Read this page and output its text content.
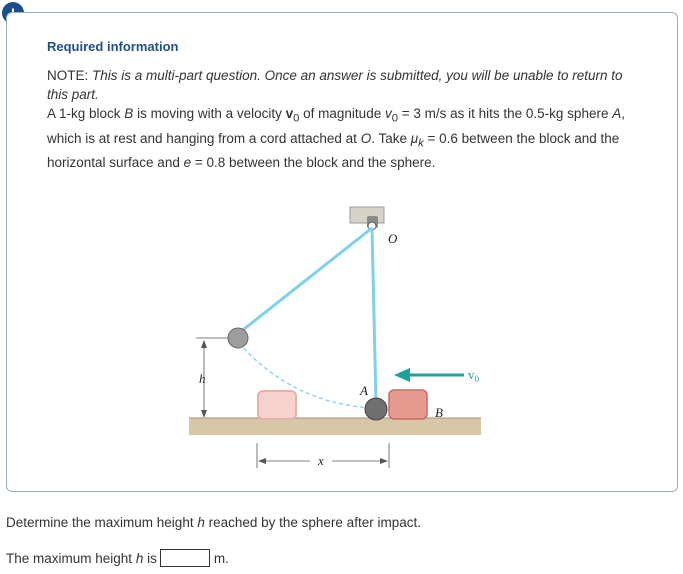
Required information

NOTE: This is a multi-part question. Once an answer is submitted, you will be unable to return to this part.

A 1-kg block B is moving with a velocity $v_0$ of magnitude $v_0 = 3$ m/s as it hits the 0.5-kg sphere A, which is at rest and hanging from a cord attached at O. Take $\mu_k = 0.6$ between the block and the horizontal surface and e = 0.8 between the block and the sphere.

O
h
A
B
$v_0$
x
Determine the maximum height h reached by the sphere after impact.
The maximum height h is	m.
